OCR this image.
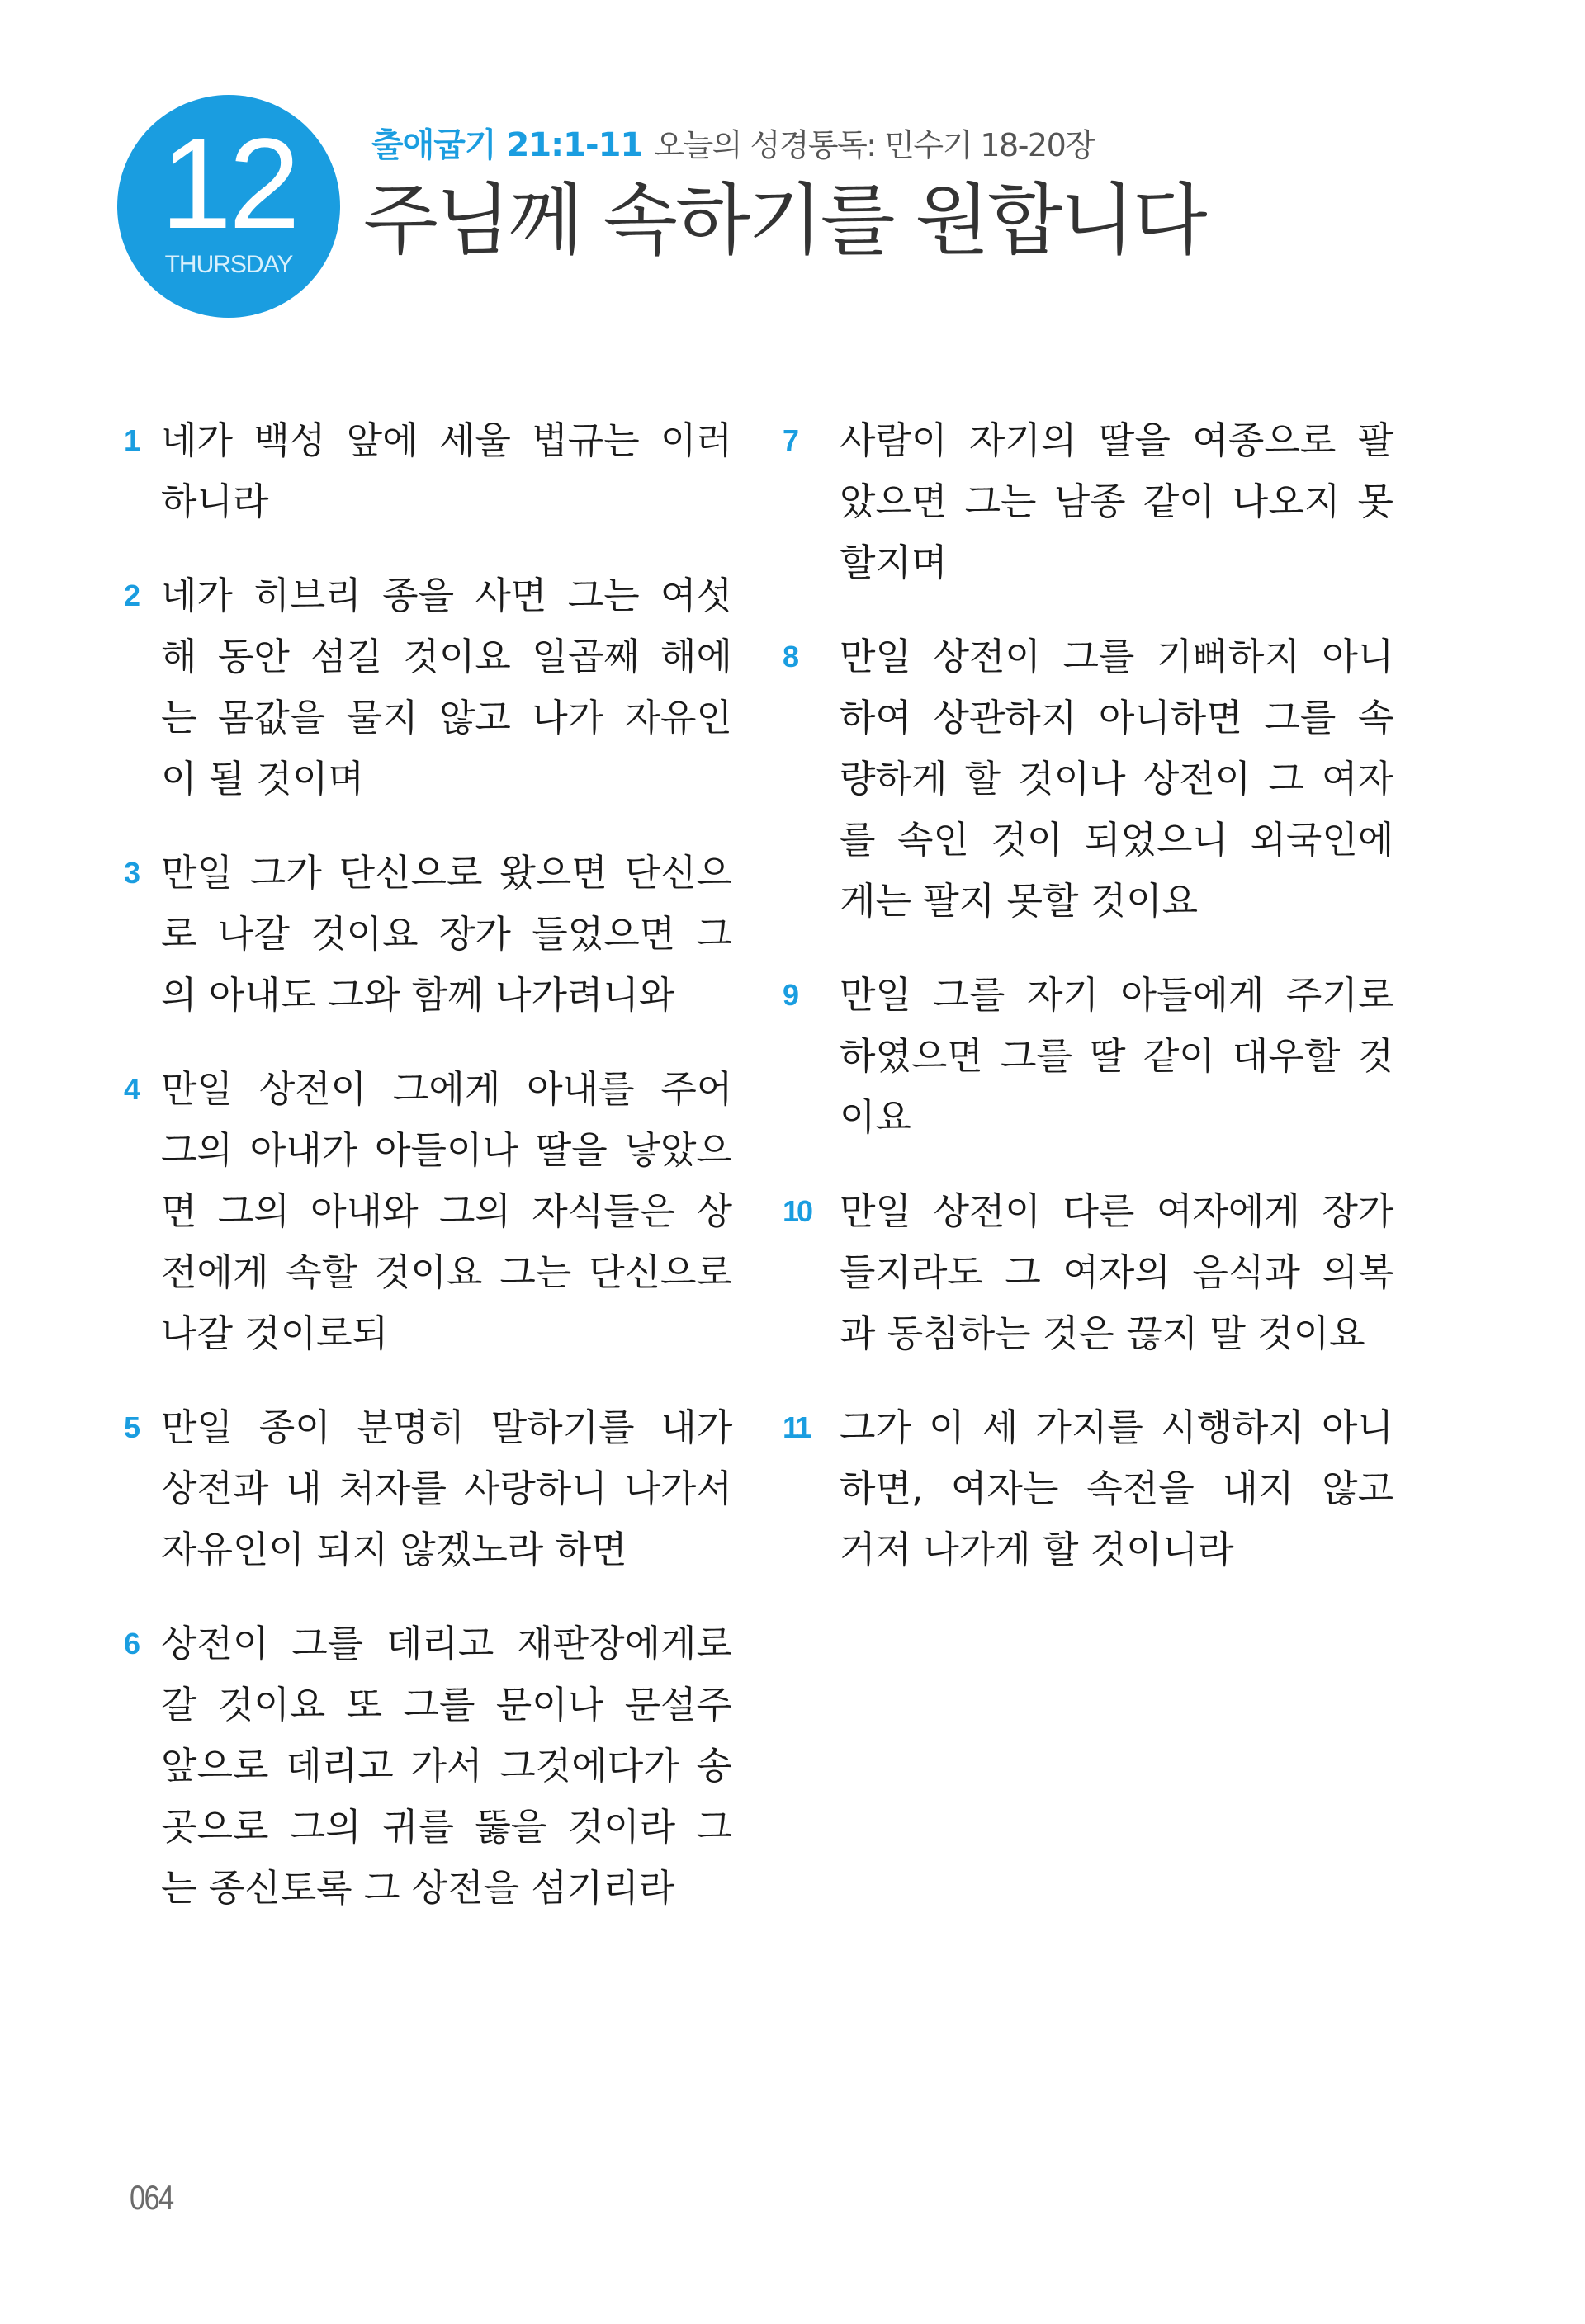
12
THURSDAY
출애굽기 21:1-11 오늘의 성경통독: 민수기 18-20장
주님께 속하기를 원합니다
1 네가 백성 앞에 세울 법규는 이러
하니라
2 네가 히브리 종을 사면 그는 여섯
해 동안 섬길 것이요 일곱째 해에
는 몸값을 물지 않고 나가 자유인
이 될 것이며
3 만일 그가 단신으로 왔으면 단신으
로 나갈 것이요 장가 들었으면 그
의 아내도 그와 함께 나가려니와
4 만일 상전이 그에게 아내를 주어
그의 아내가 아들이나 딸을 낳았으
면 그의 아내와 그의 자식들은 상
전에게 속할 것이요 그는 단신으로
나갈 것이로되
5 만일 종이 분명히 말하기를 내가
상전과 내 처자를 사랑하니 나가서
자유인이 되지 않겠노라 하면
6 상전이 그를 데리고 재판장에게로
갈 것이요 또 그를 문이나 문설주
앞으로 데리고 가서 그것에다가 송
곳으로 그의 귀를 뚫을 것이라 그
는 종신토록 그 상전을 섬기리라
7 사람이 자기의 딸을 여종으로 팔
았으면 그는 남종 같이 나오지 못
할지며
8 만일 상전이 그를 기뻐하지 아니
하여 상관하지 아니하면 그를 속
량하게 할 것이나 상전이 그 여자
를 속인 것이 되었으니 외국인에
게는 팔지 못할 것이요
9 만일 그를 자기 아들에게 주기로
하였으면 그를 딸 같이 대우할 것
이요
10 만일 상전이 다른 여자에게 장가
들지라도 그 여자의 음식과 의복
과 동침하는 것은 끊지 말 것이요
11 그가 이 세 가지를 시행하지 아니
하면, 여자는 속전을 내지 않고
거저 나가게 할 것이니라
064
